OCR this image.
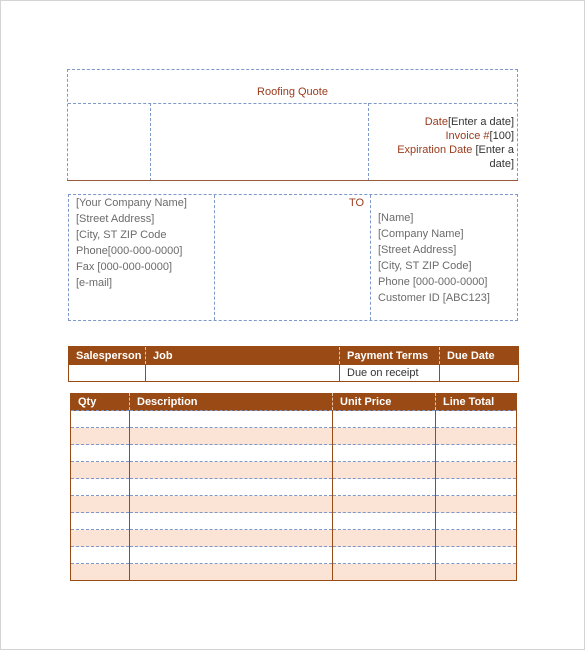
Roofing Quote
Date[Enter a date]
Invoice #[100]
Expiration Date [Enter a
date]
[Your Company Name]
[Street Address]
[City, ST ZIP Code
Phone[000-000-0000]
Fax [000-000-0000]
[e-mail]
TO
[Name]
[Company Name]
[Street Address]
[City, ST ZIP Code]
Phone [000-000-0000]
Customer ID [ABC123]
Salesperson	Job	Payment Terms	Due Date
		Due on receipt	
Qty	Description	Unit Price	Line Total
